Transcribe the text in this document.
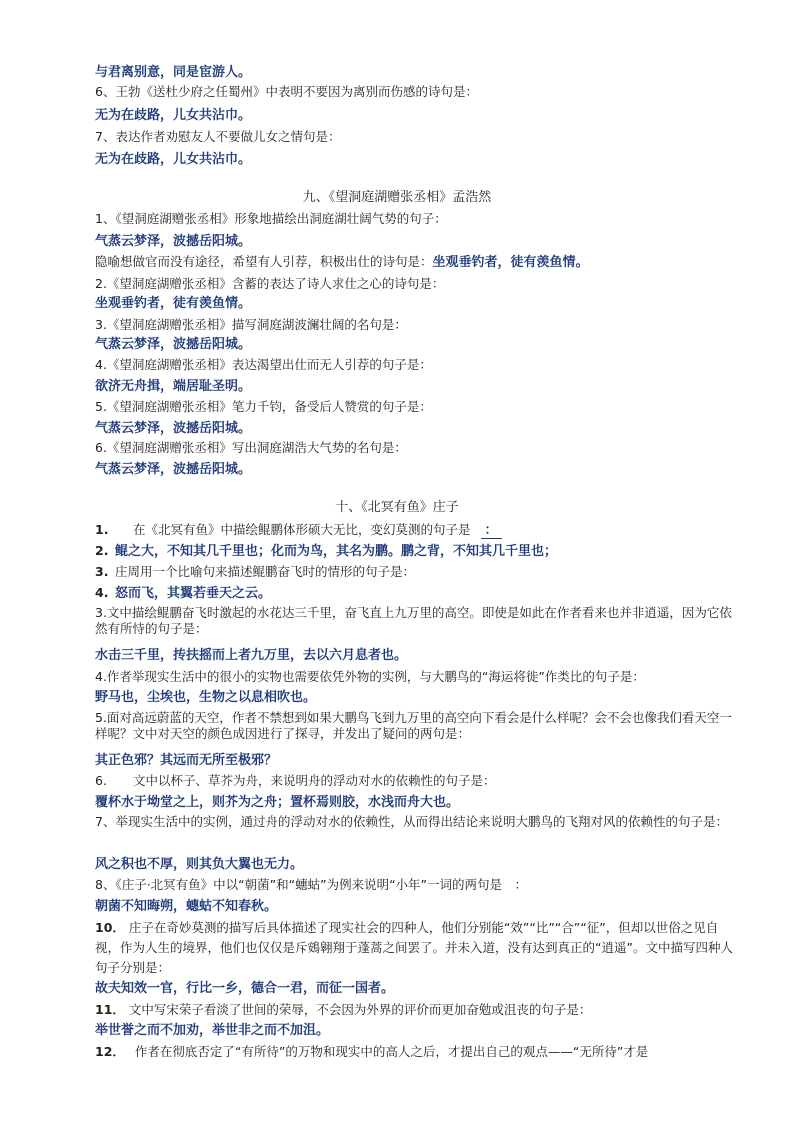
与君离别意，同是宦游人。
6、王勃《送杜少府之任蜀州》中表明不要因为离别而伤感的诗句是：
无为在歧路，儿女共沾巾。
7、表达作者劝慰友人不要做儿女之情句是：
无为在歧路，儿女共沾巾。
九、《望洞庭湖赠张丞相》孟浩然
1、《望洞庭湖赠张丞相》形象地描绘出洞庭湖壮阔气势的句子：
气蒸云梦泽，波撼岳阳城。
隐喻想做官而没有途径，希望有人引荐，积极出仕的诗句是：坐观垂钓者，徒有羡鱼情。
2.《望洞庭湖赠张丞相》含蓄的表达了诗人求仕之心的诗句是：
坐观垂钓者，徒有羡鱼情。
3.《望洞庭湖赠张丞相》描写洞庭湖波澜壮阔的名句是：
气蒸云梦泽，波撼岳阳城。
4.《望洞庭湖赠张丞相》表达渴望出仕而无人引荐的句子是：
欲济无舟揖，端居耻圣明。
5.《望洞庭湖赠张丞相》笔力千钧，备受后人赞赏的句子是：
气蒸云梦泽，波撼岳阳城。
6.《望洞庭湖赠张丞相》写出洞庭湖浩大气势的名句是：
气蒸云梦泽，波撼岳阳城。
十、《北冥有鱼》庄子
1. 在《北冥有鱼》中描绘鲲鹏体形硕大无比，变幻莫测的句子是 ：
2. 鲲之大，不知其几千里也；化而为鸟，其名为鹏。鹏之背，不知其几千里也；
3. 庄周用一个比喻句来描述鲲鹏奋飞时的情形的句子是：
4. 怒而飞，其翼若垂天之云。
3.文中描绘鲲鹏奋飞时激起的水花达三千里，奋飞直上九万里的高空。即使是如此在作者看来也并非逍遥，因为它依然有所恃的句子是：
水击三千里，抟扶摇而上者九万里，去以六月息者也。
4.作者举现实生活中的很小的实物也需要依凭外物的实例，与大鹏鸟的“海运将徙”作类比的句子是：
野马也，尘埃也，生物之以息相吹也。
5.面对高远蔚蓝的天空，作者不禁想到如果大鹏鸟飞到九万里的高空向下看会是什么样呢？会不会也像我们看天空一样呢？文中对天空的颜色成因进行了探寻，并发出了疑问的两句是：
其正色邪？其远而无所至极邪？
6. 文中以杯子、草芥为舟，来说明舟的浮动对水的依赖性的句子是：
覆杯水于坳堂之上，则芥为之舟；置杯焉则胶，水浅而舟大也。
7、举现实生活中的实例，通过舟的浮动对水的依赖性，从而得出结论来说明大鹏鸟的飞翔对风的依赖性的句子是：
风之积也不厚，则其负大翼也无力。
8、《庄子·北冥有鱼》中以“朝菌”和“蟪蛄”为例来说明“小年”一词的两句是　：
朝菌不知晦朔，蟪蛄不知春秋。
10． 庄子在奇妙莫测的描写后具体描述了现实社会的四种人，他们分别能“效”“比”“合”“征”，但却以世俗之见自视，作为人生的境界，他们也仅仅是斥鴳翱翔于蓬蒿之间罢了。并未入道，没有达到真正的“逍遥”。文中描写四种人句子分别是：
故夫知效一官，行比一乡，德合一君，而征一国者。
11． 文中写宋荣子看淡了世间的荣辱，不会因为外界的评价而更加奋勉或沮丧的句子是：
举世誉之而不加劝，举世非之而不加沮。
12． 作者在彻底否定了“有所待”的万物和现实中的高人之后，才提出自己的观点——“无所待”才是
